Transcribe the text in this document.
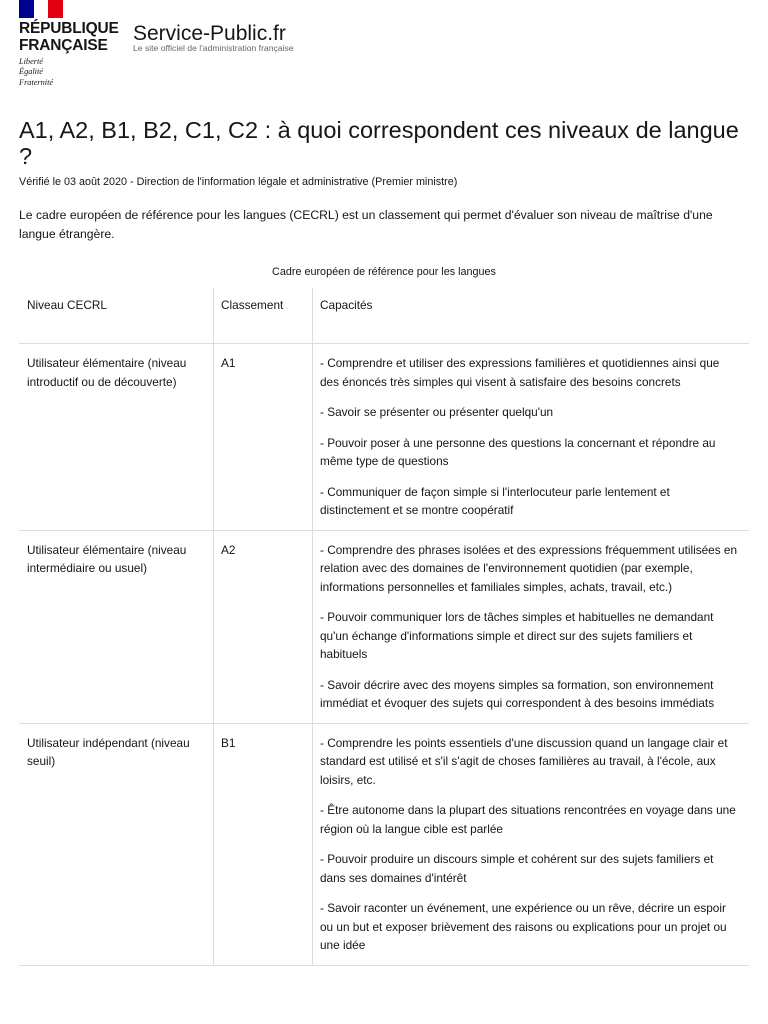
RÉPUBLIQUE
FRANÇAISE
Liberté
Égalité
Fraternité
Service-Public.fr
Le site officiel de l'administration française
A1, A2, B1, B2, C1, C2 : à quoi correspondent ces niveaux de langue ?
Vérifié le 03 août 2020 - Direction de l'information légale et administrative (Premier ministre)

Le cadre européen de référence pour les langues (CECRL) est un classement qui permet d'évaluer son niveau de maîtrise d'une langue étrangère.

Cadre européen de référence pour les langues
Niveau CECRL	Classement	Capacités
Utilisateur élémentaire (niveau introductif ou de découverte)	A1	- Comprendre et utiliser des expressions familières et quotidiennes ainsi que des énoncés très simples qui visent à satisfaire des besoins concrets

- Savoir se présenter ou présenter quelqu'un

- Pouvoir poser à une personne des questions la concernant et répondre au même type de questions

- Communiquer de façon simple si l'interlocuteur parle lentement et distinctement et se montre coopératif

Utilisateur élémentaire (niveau intermédiaire ou usuel)	A2	- Comprendre des phrases isolées et des expressions fréquemment utilisées en relation avec des domaines de l'environnement quotidien (par exemple, informations personnelles et familiales simples, achats, travail, etc.)

- Pouvoir communiquer lors de tâches simples et habituelles ne demandant qu'un échange d'informations simple et direct sur des sujets familiers et habituels

- Savoir décrire avec des moyens simples sa formation, son environnement immédiat et évoquer des sujets qui correspondent à des besoins immédiats

Utilisateur indépendant (niveau seuil)	B1	- Comprendre les points essentiels d'une discussion quand un langage clair et standard est utilisé et s'il s'agit de choses familières au travail, à l'école, aux loisirs, etc.

- Être autonome dans la plupart des situations rencontrées en voyage dans une région où la langue cible est parlée

- Pouvoir produire un discours simple et cohérent sur des sujets familiers et dans ses domaines d'intérêt

- Savoir raconter un événement, une expérience ou un rêve, décrire un espoir ou un but et exposer brièvement des raisons ou explications pour un projet ou une idée
